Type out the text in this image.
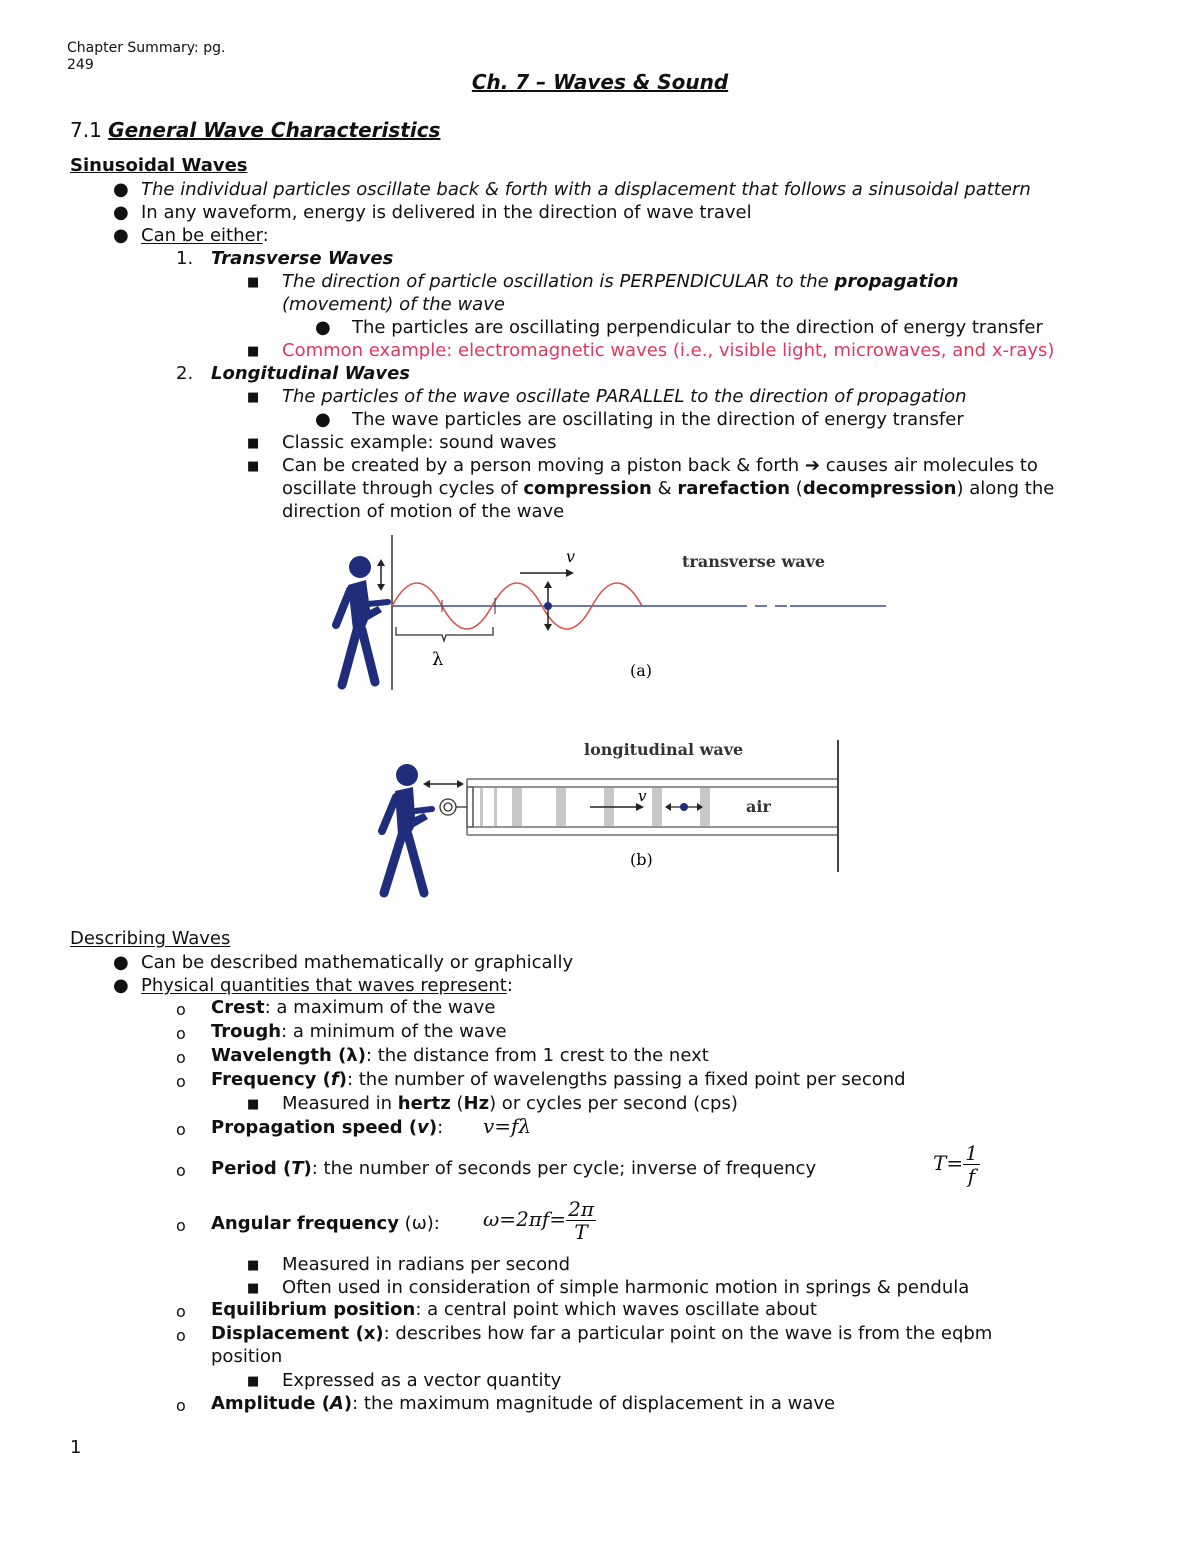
Chapter Summary: pg.
249
Ch. 7 – Waves & Sound
7.1 General Wave Characteristics
Sinusoidal Waves
● The individual particles oscillate back & forth with a displacement that follows a sinusoidal pattern
● In any waveform, energy is delivered in the direction of wave travel
● Can be either:
1. Transverse Waves
■ The direction of particle oscillation is PERPENDICULAR to the propagation
(movement) of the wave
● The particles are oscillating perpendicular to the direction of energy transfer
■ Common example: electromagnetic waves (i.e., visible light, microwaves, and x-rays)
2. Longitudinal Waves
■ The particles of the wave oscillate PARALLEL to the direction of propagation
● The wave particles are oscillating in the direction of energy transfer
■ Classic example: sound waves
■ Can be created by a person moving a piston back & forth ➔ causes air molecules to
oscillate through cycles of compression & rarefaction (decompression) along the
direction of motion of the wave
v	transverse wave
λ
(a)
v
air
longitudinal wave
(b)
Describing Waves
● Can be described mathematically or graphically
● Physical quantities that waves represent:
o Crest: a maximum of the wave
o Trough: a minimum of the wave
o Wavelength (λ): the distance from 1 crest to the next
o Frequency (f): the number of wavelengths passing a fixed point per second
■ Measured in hertz (Hz) or cycles per second (cps)
o Propagation speed (v): v=fλ
o Period (T): the number of seconds per cycle; inverse of frequency	$T= \frac{1}{f}$
o Angular frequency (ω): $\omega=2\pi f= \frac{2\pi}{T}$
■ Measured in radians per second
■ Often used in consideration of simple harmonic motion in springs & pendula
o Equilibrium position: a central point which waves oscillate about
o Displacement (x): describes how far a particular point on the wave is from the eqbm
position
■ Expressed as a vector quantity
o Amplitude (A): the maximum magnitude of displacement in a wave
1
